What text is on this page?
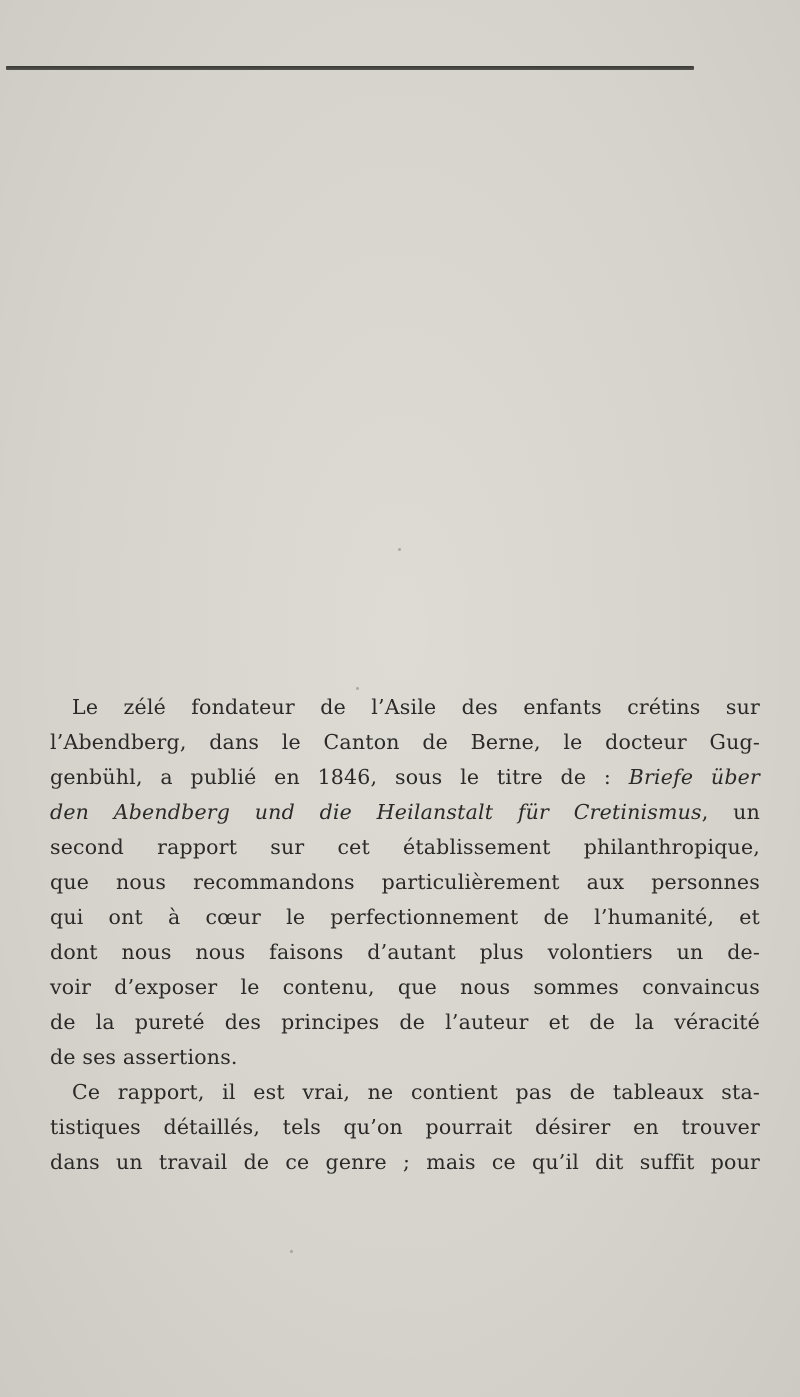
Le zélé fondateur de l’Asile des enfants crétins sur
l’Abendberg, dans le Canton de Berne, le docteur Gug-
genbühl, a publié en 1846, sous le titre de : Briefe über
den Abendberg und die Heilanstalt für Cretinismus, un
second rapport sur cet établissement philanthropique,
que nous recommandons particulièrement aux personnes
qui ont à cœur le perfectionnement de l’humanité, et
dont nous nous faisons d’autant plus volontiers un de-
voir d’exposer le contenu, que nous sommes convaincus
de la pureté des principes de l’auteur et de la véracité
de ses assertions.
Ce rapport, il est vrai, ne contient pas de tableaux sta-
tistiques détaillés, tels qu’on pourrait désirer en trouver
dans un travail de ce genre ; mais ce qu’il dit suffit pour
